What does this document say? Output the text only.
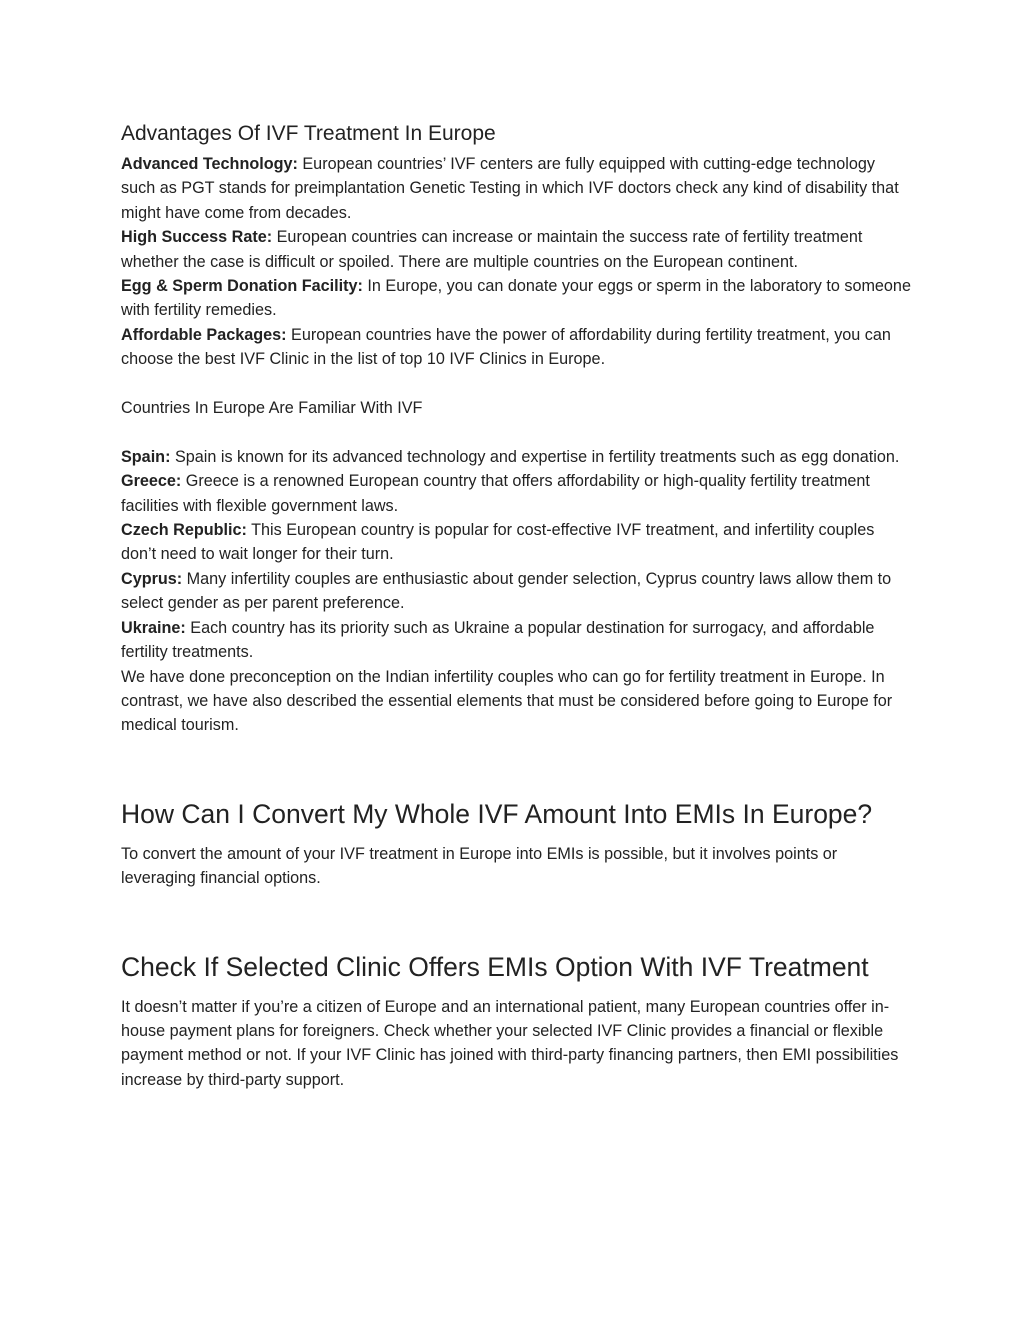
Advantages Of IVF Treatment In Europe

Advanced Technology: European countries’ IVF centers are fully equipped with cutting-edge technology such as PGT stands for preimplantation Genetic Testing in which IVF doctors check any kind of disability that might have come from decades.

High Success Rate: European countries can increase or maintain the success rate of fertility treatment whether the case is difficult or spoiled. There are multiple countries on the European continent.

Egg & Sperm Donation Facility: In Europe, you can donate your eggs or sperm in the laboratory to someone with fertility remedies.

Affordable Packages: European countries have the power of affordability during fertility treatment, you can choose the best IVF Clinic in the list of top 10 IVF Clinics in Europe.

Countries In Europe Are Familiar With IVF

Spain: Spain is known for its advanced technology and expertise in fertility treatments such as egg donation.

Greece: Greece is a renowned European country that offers affordability or high-quality fertility treatment facilities with flexible government laws.

Czech Republic: This European country is popular for cost-effective IVF treatment, and infertility couples don’t need to wait longer for their turn.

Cyprus: Many infertility couples are enthusiastic about gender selection, Cyprus country laws allow them to select gender as per parent preference.

Ukraine: Each country has its priority such as Ukraine a popular destination for surrogacy, and affordable fertility treatments.

We have done preconception on the Indian infertility couples who can go for fertility treatment in Europe. In contrast, we have also described the essential elements that must be considered before going to Europe for medical tourism.

How Can I Convert My Whole IVF Amount Into EMIs In Europe?

To convert the amount of your IVF treatment in Europe into EMIs is possible, but it involves points or leveraging financial options.

Check If Selected Clinic Offers EMIs Option With IVF Treatment

It doesn’t matter if you’re a citizen of Europe and an international patient, many European countries offer in-house payment plans for foreigners. Check whether your selected IVF Clinic provides a financial or flexible payment method or not. If your IVF Clinic has joined with third-party financing partners, then EMI possibilities increase by third-party support.
